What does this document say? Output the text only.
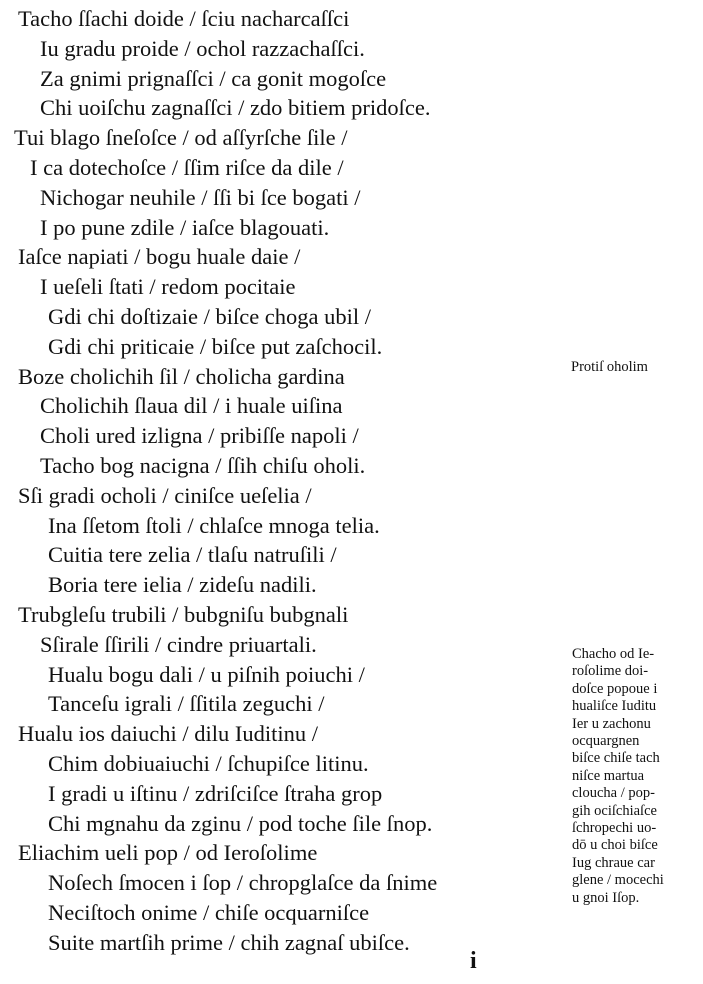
Tacho ſſachi doide / ſciu nacharcaſſci
Iu gradu proide / ochol razzachaſſci.
Za gnimi prignaſſci / ca gonit mogoſce
Chi uoiſchu zagnaſſci / zdo bitiem pridoſce.
Tui blago ſneſoſce / od aſſyrſche ſile /
I ca dotechoſce / ſſim riſce da dile /
Nichogar neuhile / ſſi bi ſce bogati /
I po pune zdile / iaſce blagouati.
Iaſce napiati / bogu huale daie /
I ueſeli ſtati / redom pocitaie
Gdi chi doſtizaie / biſce choga ubil /
Gdi chi priticaie / biſce put zaſchocil.
Boze cholichih ſil / cholicha gardina
Cholichih ſlaua dil / i huale uiſina
Choli ured izligna / pribiſſe napoli /
Tacho bog nacigna / ſſih chiſu oholi.
Sſi gradi ocholi / ciniſce ueſelia /
Ina ſſetom ſtoli / chlaſce mnoga telia.
Cuitia tere zelia / tlaſu natruſili /
Boria tere ielia / zideſu nadili.
Trubgleſu trubili / bubgniſu bubgnali
Sſirale ſſirili / cindre priuartali.
Hualu bogu dali / u piſnih poiuchi /
Tanceſu igrali / ſſitila zeguchi /
Hualu ios daiuchi / dilu Iuditinu /
Chim dobiuaiuchi / ſchupiſce litinu.
I gradi u iſtinu / zdriſciſce ſtraha grop
Chi mgnahu da zginu / pod toche ſile ſnop.
Eliachim ueli pop / od Ieroſolime
Noſech ſmocen i ſop / chropglaſce da ſnime
Neciſtoch onime / chiſe ocquarniſce
Suite martſih prime / chih zagnaſ ubiſce.
Protiſ oholim
Chacho od Ie-
roſolime doi-
doſce popoue i
hualiſce Iuditu
Ier u zachonu
ocquargnen
biſce chiſe tach
niſce martua
cloucha / pop-
gih ociſchiaſce
ſchropechi uo-
dō u choi biſce
Iug chraue car
glene / mocechi
u gnoi Iſop.
i
